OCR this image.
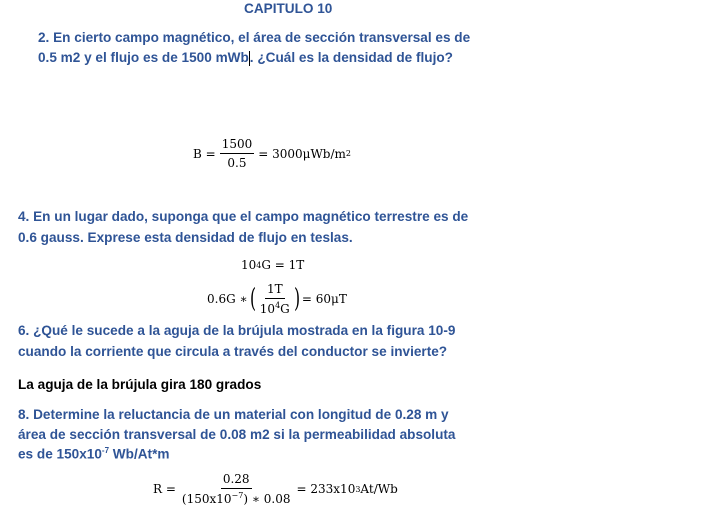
CAPITULO 10
2. En cierto campo magnético, el área de sección transversal es de
0.5 m2 y el flujo es de 1500 mWb. ¿Cuál es la densidad de flujo?
$B = \frac{1500}{0.5} = 3000\mu Wb/m$ 2
4. En un lugar dado, suponga que el campo magnético terrestre es de
0.6 gauss. Exprese esta densidad de flujo en teslas.
10 4 G = 1T
0.6G ∗ ( $\frac{1T}{10^4G}$ ) = 60μT
6. ¿Qué le sucede a la aguja de la brújula mostrada en la figura 10-9
cuando la corriente que circula a través del conductor se invierte?
La aguja de la brújula gira 180 grados
8. Determine la reluctancia de un material con longitud de 0.28 m y
área de sección transversal de 0.08 m2 si la permeabilidad absoluta
es de $150x10^{-7}$ Wb/At*m
$R = \frac{0.28}{(150x10^{-7}) ∗ 0.08} = 233x10$ 3 At/Wb
